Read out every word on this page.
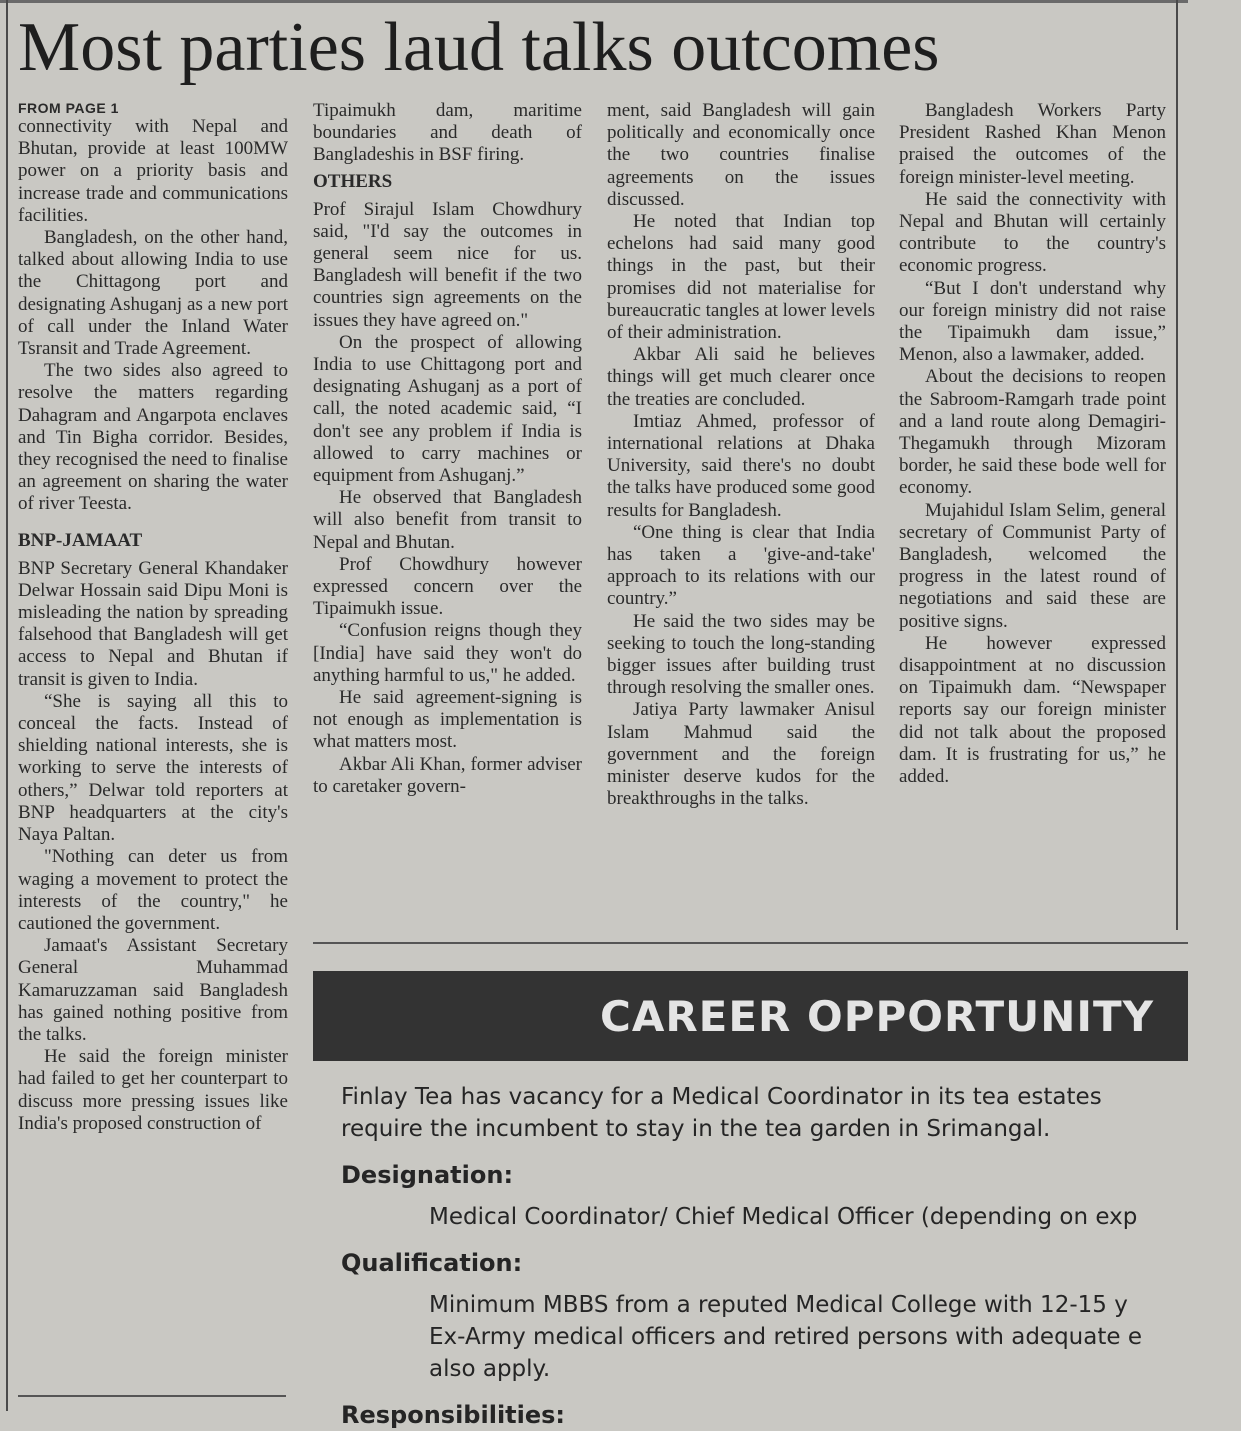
Most parties laud talks outcomes
FROM PAGE 1

connectivity with Nepal and Bhutan, provide at least 100MW power on a priority basis and increase trade and communications facilities.

Bangladesh, on the other hand, talked about allowing India to use the Chittagong port and designating Ashuganj as a new port of call under the Inland Water Tsransit and Trade Agreement.

The two sides also agreed to resolve the matters regarding Dahagram and Angarpota enclaves and Tin Bigha corridor. Besides, they recognised the need to finalise an agreement on sharing the water of river Teesta.

BNP-JAMAAT

BNP Secretary General Khandaker Delwar Hossain said Dipu Moni is misleading the nation by spreading falsehood that Bangladesh will get access to Nepal and Bhutan if transit is given to India.

“She is saying all this to conceal the facts. Instead of shielding national interests, she is working to serve the interests of others,” Delwar told reporters at BNP headquarters at the city's Naya Paltan.

"Nothing can deter us from waging a movement to protect the interests of the country," he cautioned the government.

Jamaat's Assistant Secretary General Muhammad Kamaruzzaman said Bangladesh has gained nothing positive from the talks.

He said the foreign minister had failed to get her counterpart to discuss more pressing issues like India's proposed construction of

Tipaimukh dam, maritime boundaries and death of Bangladeshis in BSF firing.

OTHERS

Prof Sirajul Islam Chowdhury said, "I'd say the outcomes in general seem nice for us. Bangladesh will benefit if the two countries sign agreements on the issues they have agreed on."

On the prospect of allowing India to use Chittagong port and designating Ashuganj as a port of call, the noted academic said, “I don't see any problem if India is allowed to carry machines or equipment from Ashuganj.”

He observed that Bangladesh will also benefit from transit to Nepal and Bhutan.

Prof Chowdhury however expressed concern over the Tipaimukh issue.

“Confusion reigns though they [India] have said they won't do anything harmful to us," he added.

He said agreement-signing is not enough as implementation is what matters most.

Akbar Ali Khan, former adviser to caretaker govern-

ment, said Bangladesh will gain politically and economically once the two countries finalise agreements on the issues discussed.

He noted that Indian top echelons had said many good things in the past, but their promises did not materialise for bureaucratic tangles at lower levels of their administration.

Akbar Ali said he believes things will get much clearer once the treaties are concluded.

Imtiaz Ahmed, professor of international relations at Dhaka University, said there's no doubt the talks have produced some good results for Bangladesh.

“One thing is clear that India has taken a 'give-and-take' approach to its relations with our country.”

He said the two sides may be seeking to touch the long-standing bigger issues after building trust through resolving the smaller ones.

Jatiya Party lawmaker Anisul Islam Mahmud said the government and the foreign minister deserve kudos for the breakthroughs in the talks.

Bangladesh Workers Party President Rashed Khan Menon praised the outcomes of the foreign minister-level meeting.

He said the connectivity with Nepal and Bhutan will certainly contribute to the country's economic progress.

“But I don't understand why our foreign ministry did not raise the Tipaimukh dam issue,” Menon, also a lawmaker, added.

About the decisions to reopen the Sabroom-Ramgarh trade point and a land route along Demagiri-Thegamukh through Mizoram border, he said these bode well for economy.

Mujahidul Islam Selim, general secretary of Communist Party of Bangladesh, welcomed the progress in the latest round of negotiations and said these are positive signs.

He however expressed disappointment at no discussion on Tipaimukh dam. “Newspaper reports say our foreign minister did not talk about the proposed dam. It is frustrating for us,” he added.

CAREER OPPORTUNITY

Finlay Tea has vacancy for a Medical Coordinator in its tea estates

require the incumbent to stay in the tea garden in Srimangal.

Designation:

Medical Coordinator/ Chief Medical Officer (depending on exp

Qualification:

Minimum MBBS from a reputed Medical College with 12-15 y

Ex-Army medical officers and retired persons with adequate e

also apply.

Responsibilities:
